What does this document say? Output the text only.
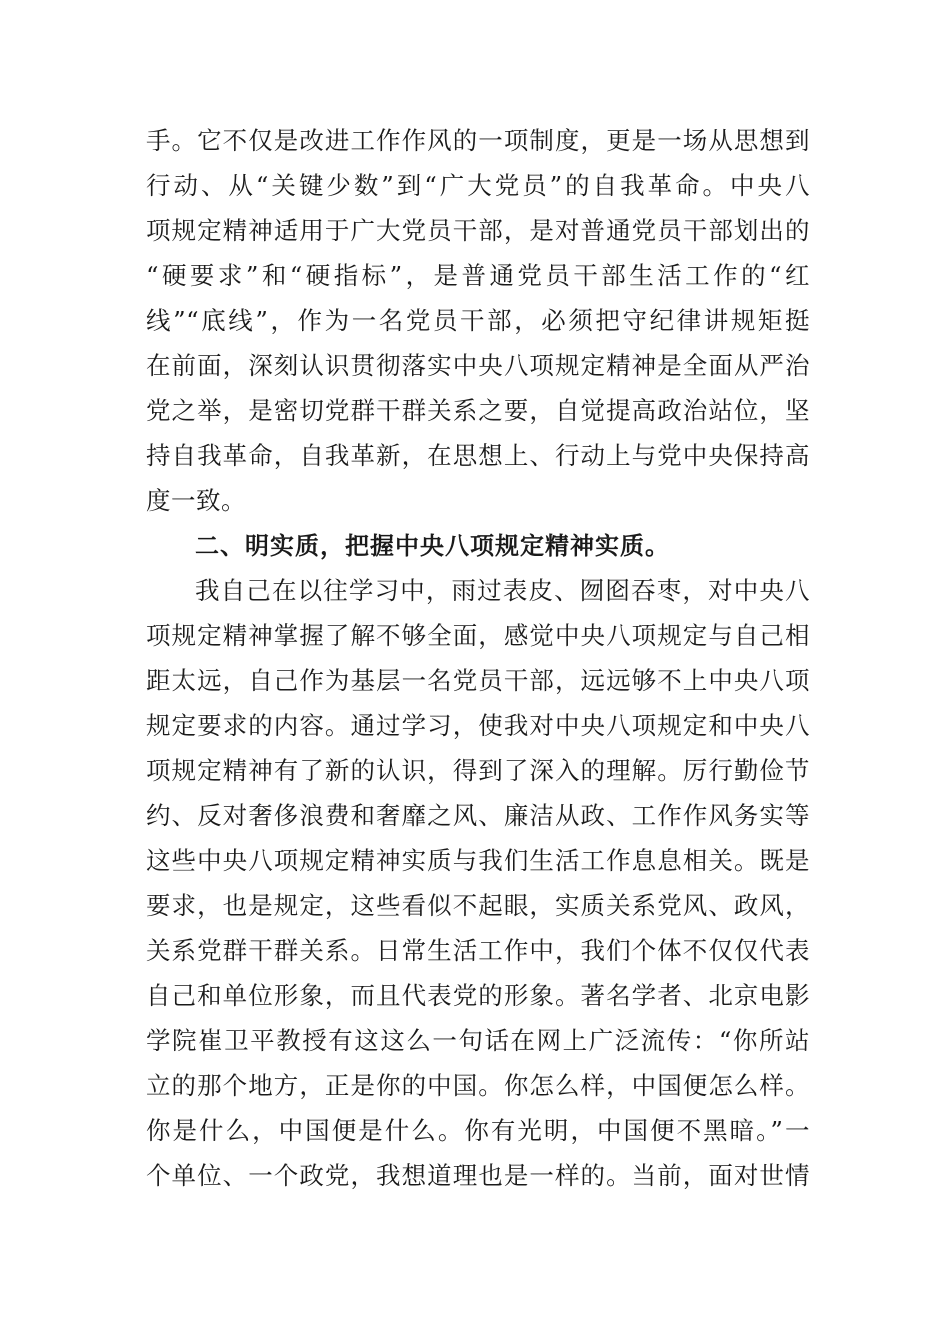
手。它不仅是改进工作作风的一项制度，更是一场从思想到
行动、从“关键少数”到“广大党员”的自我革命。中央八
项规定精神适用于广大党员干部，是对普通党员干部划出的
“硬要求”和“硬指标”，是普通党员干部生活工作的“红
线”“底线”，作为一名党员干部，必须把守纪律讲规矩挺
在前面，深刻认识贯彻落实中央八项规定精神是全面从严治
党之举，是密切党群干群关系之要，自觉提高政治站位，坚
持自我革命，自我革新，在思想上、行动上与党中央保持高
度一致。
二、明实质，把握中央八项规定精神实质。
我自己在以往学习中，雨过表皮、囫囵吞枣，对中央八
项规定精神掌握了解不够全面，感觉中央八项规定与自己相
距太远，自己作为基层一名党员干部，远远够不上中央八项
规定要求的内容。通过学习，使我对中央八项规定和中央八
项规定精神有了新的认识，得到了深入的理解。厉行勤俭节
约、反对奢侈浪费和奢靡之风、廉洁从政、工作作风务实等
这些中央八项规定精神实质与我们生活工作息息相关。既是
要求，也是规定，这些看似不起眼，实质关系党风、政风，
关系党群干群关系。日常生活工作中，我们个体不仅仅代表
自己和单位形象，而且代表党的形象。著名学者、北京电影
学院崔卫平教授有这这么一句话在网上广泛流传：“你所站
立的那个地方，正是你的中国。你怎么样，中国便怎么样。
你是什么，中国便是什么。你有光明，中国便不黑暗。”一
个单位、一个政党，我想道理也是一样的。当前，面对世情
